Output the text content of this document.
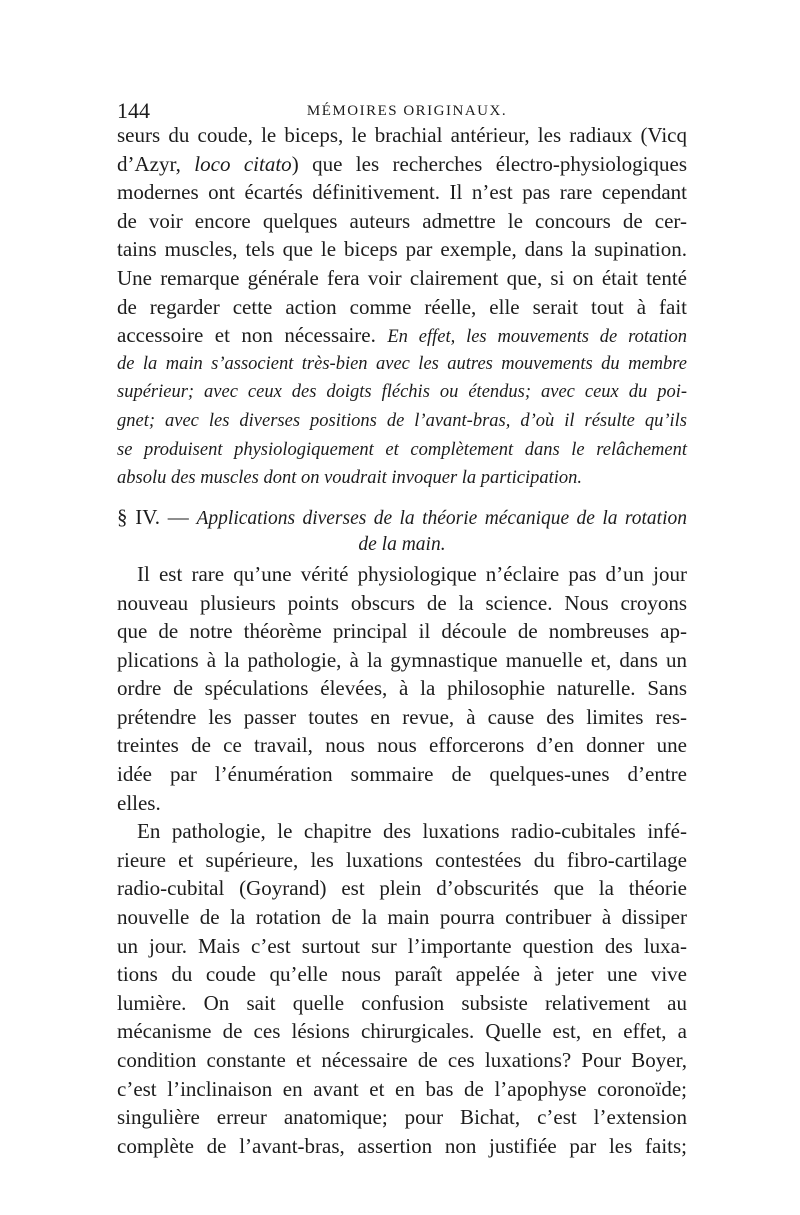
144	MÉMOIRES ORIGINAUX.
seurs du coude, le biceps, le brachial antérieur, les radiaux (Vicq
d’Azyr, loco citato) que les recherches électro-physiologiques
modernes ont écartés définitivement. Il n’est pas rare cependant
de voir encore quelques auteurs admettre le concours de cer-
tains muscles, tels que le biceps par exemple, dans la supination.
Une remarque générale fera voir clairement que, si on était tenté
de regarder cette action comme réelle, elle serait tout à fait
accessoire et non nécessaire. En effet, les mouvements de rotation
de la main s’associent très-bien avec les autres mouvements du membre
supérieur; avec ceux des doigts fléchis ou étendus; avec ceux du poi-
gnet; avec les diverses positions de l’avant-bras, d’où il résulte qu’ils
se produisent physiologiquement et complètement dans le relâchement
absolu des muscles dont on voudrait invoquer la participation.
§ IV. — Applications diverses de la théorie mécanique de la rotation
de la main.
Il est rare qu’une vérité physiologique n’éclaire pas d’un jour
nouveau plusieurs points obscurs de la science. Nous croyons
que de notre théorème principal il découle de nombreuses ap-
plications à la pathologie, à la gymnastique manuelle et, dans un
ordre de spéculations élevées, à la philosophie naturelle. Sans
prétendre les passer toutes en revue, à cause des limites res-
treintes de ce travail, nous nous efforcerons d’en donner une
idée par l’énumération sommaire de quelques-unes d’entre
elles.
En pathologie, le chapitre des luxations radio-cubitales infé-
rieure et supérieure, les luxations contestées du fibro-cartilage
radio-cubital (Goyrand) est plein d’obscurités que la théorie
nouvelle de la rotation de la main pourra contribuer à dissiper
un jour. Mais c’est surtout sur l’importante question des luxa-
tions du coude qu’elle nous paraît appelée à jeter une vive
lumière. On sait quelle confusion subsiste relativement au
mécanisme de ces lésions chirurgicales. Quelle est, en effet, a
condition constante et nécessaire de ces luxations? Pour Boyer,
c’est l’inclinaison en avant et en bas de l’apophyse coronoïde;
singulière erreur anatomique; pour Bichat, c’est l’extension
complète de l’avant-bras, assertion non justifiée par les faits;
